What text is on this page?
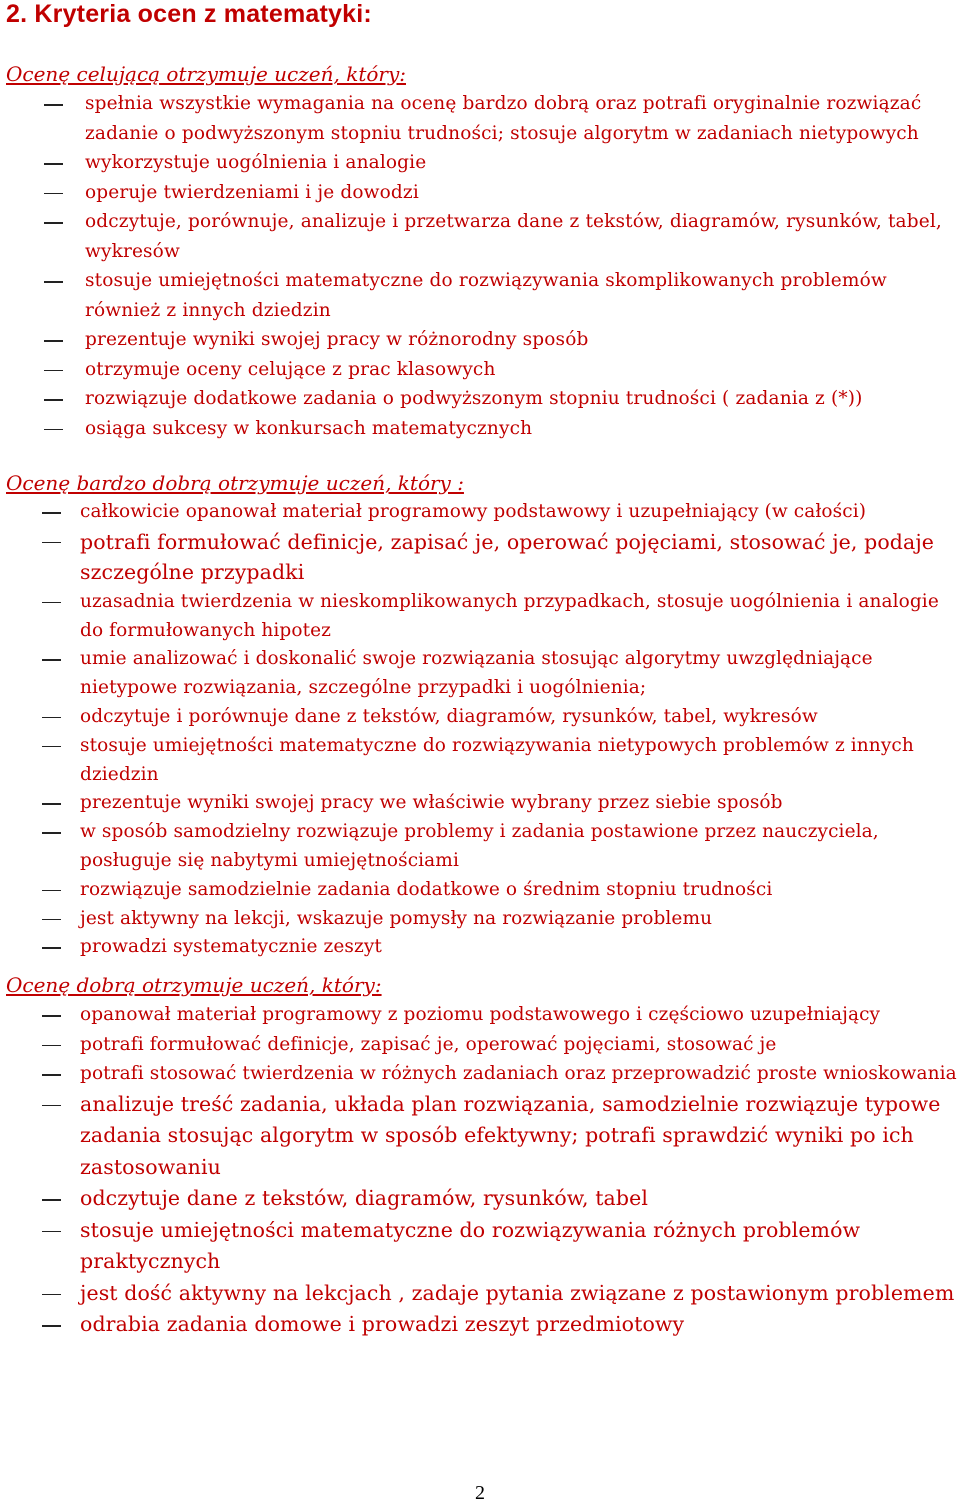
2. Kryteria ocen z matematyki:

Ocenę celującą otrzymuje uczeń, który:

spełnia wszystkie wymagania na ocenę bardzo dobrą oraz potrafi oryginalnie rozwiązać zadanie o podwyższonym stopniu trudności; stosuje algorytm w zadaniach nietypowych
wykorzystuje uogólnienia i analogie
operuje twierdzeniami i je dowodzi
odczytuje, porównuje, analizuje i przetwarza dane z tekstów, diagramów, rysunków, tabel, wykresów
stosuje umiejętności matematyczne do rozwiązywania skomplikowanych problemów również z innych dziedzin
prezentuje wyniki swojej pracy w różnorodny sposób
otrzymuje oceny celujące z prac klasowych
rozwiązuje dodatkowe zadania o podwyższonym stopniu trudności ( zadania z (*))
osiąga sukcesy w konkursach matematycznych

Ocenę bardzo dobrą otrzymuje uczeń, który :

całkowicie opanował materiał programowy podstawowy i uzupełniający (w całości)
potrafi formułować definicje, zapisać je, operować pojęciami, stosować je, podaje szczególne przypadki
uzasadnia twierdzenia w nieskomplikowanych przypadkach, stosuje uogólnienia i analogie do formułowanych hipotez
umie analizować i doskonalić swoje rozwiązania stosując algorytmy uwzględniające nietypowe rozwiązania, szczególne przypadki i uogólnienia;
odczytuje i porównuje dane z tekstów, diagramów, rysunków, tabel, wykresów
stosuje umiejętności matematyczne do rozwiązywania nietypowych problemów z innych dziedzin
prezentuje wyniki swojej pracy we właściwie wybrany przez siebie sposób
w sposób samodzielny rozwiązuje problemy i zadania postawione przez nauczyciela, posługuje się nabytymi umiejętnościami
rozwiązuje samodzielnie zadania dodatkowe o średnim stopniu trudności
jest aktywny na lekcji, wskazuje pomysły na rozwiązanie problemu
prowadzi systematycznie zeszyt

Ocenę dobrą otrzymuje uczeń, który:

opanował materiał programowy z poziomu podstawowego i częściowo uzupełniający
potrafi formułować definicje, zapisać je, operować pojęciami, stosować je
potrafi stosować twierdzenia w różnych zadaniach oraz przeprowadzić proste wnioskowania
analizuje treść zadania, układa plan rozwiązania, samodzielnie rozwiązuje typowe zadania stosując algorytm w sposób efektywny; potrafi sprawdzić wyniki po ich zastosowaniu
odczytuje dane z tekstów, diagramów, rysunków, tabel
stosuje umiejętności matematyczne do rozwiązywania różnych problemów praktycznych
jest dość aktywny na lekcjach , zadaje pytania związane z postawionym problemem
odrabia zadania domowe i prowadzi zeszyt przedmiotowy
2
